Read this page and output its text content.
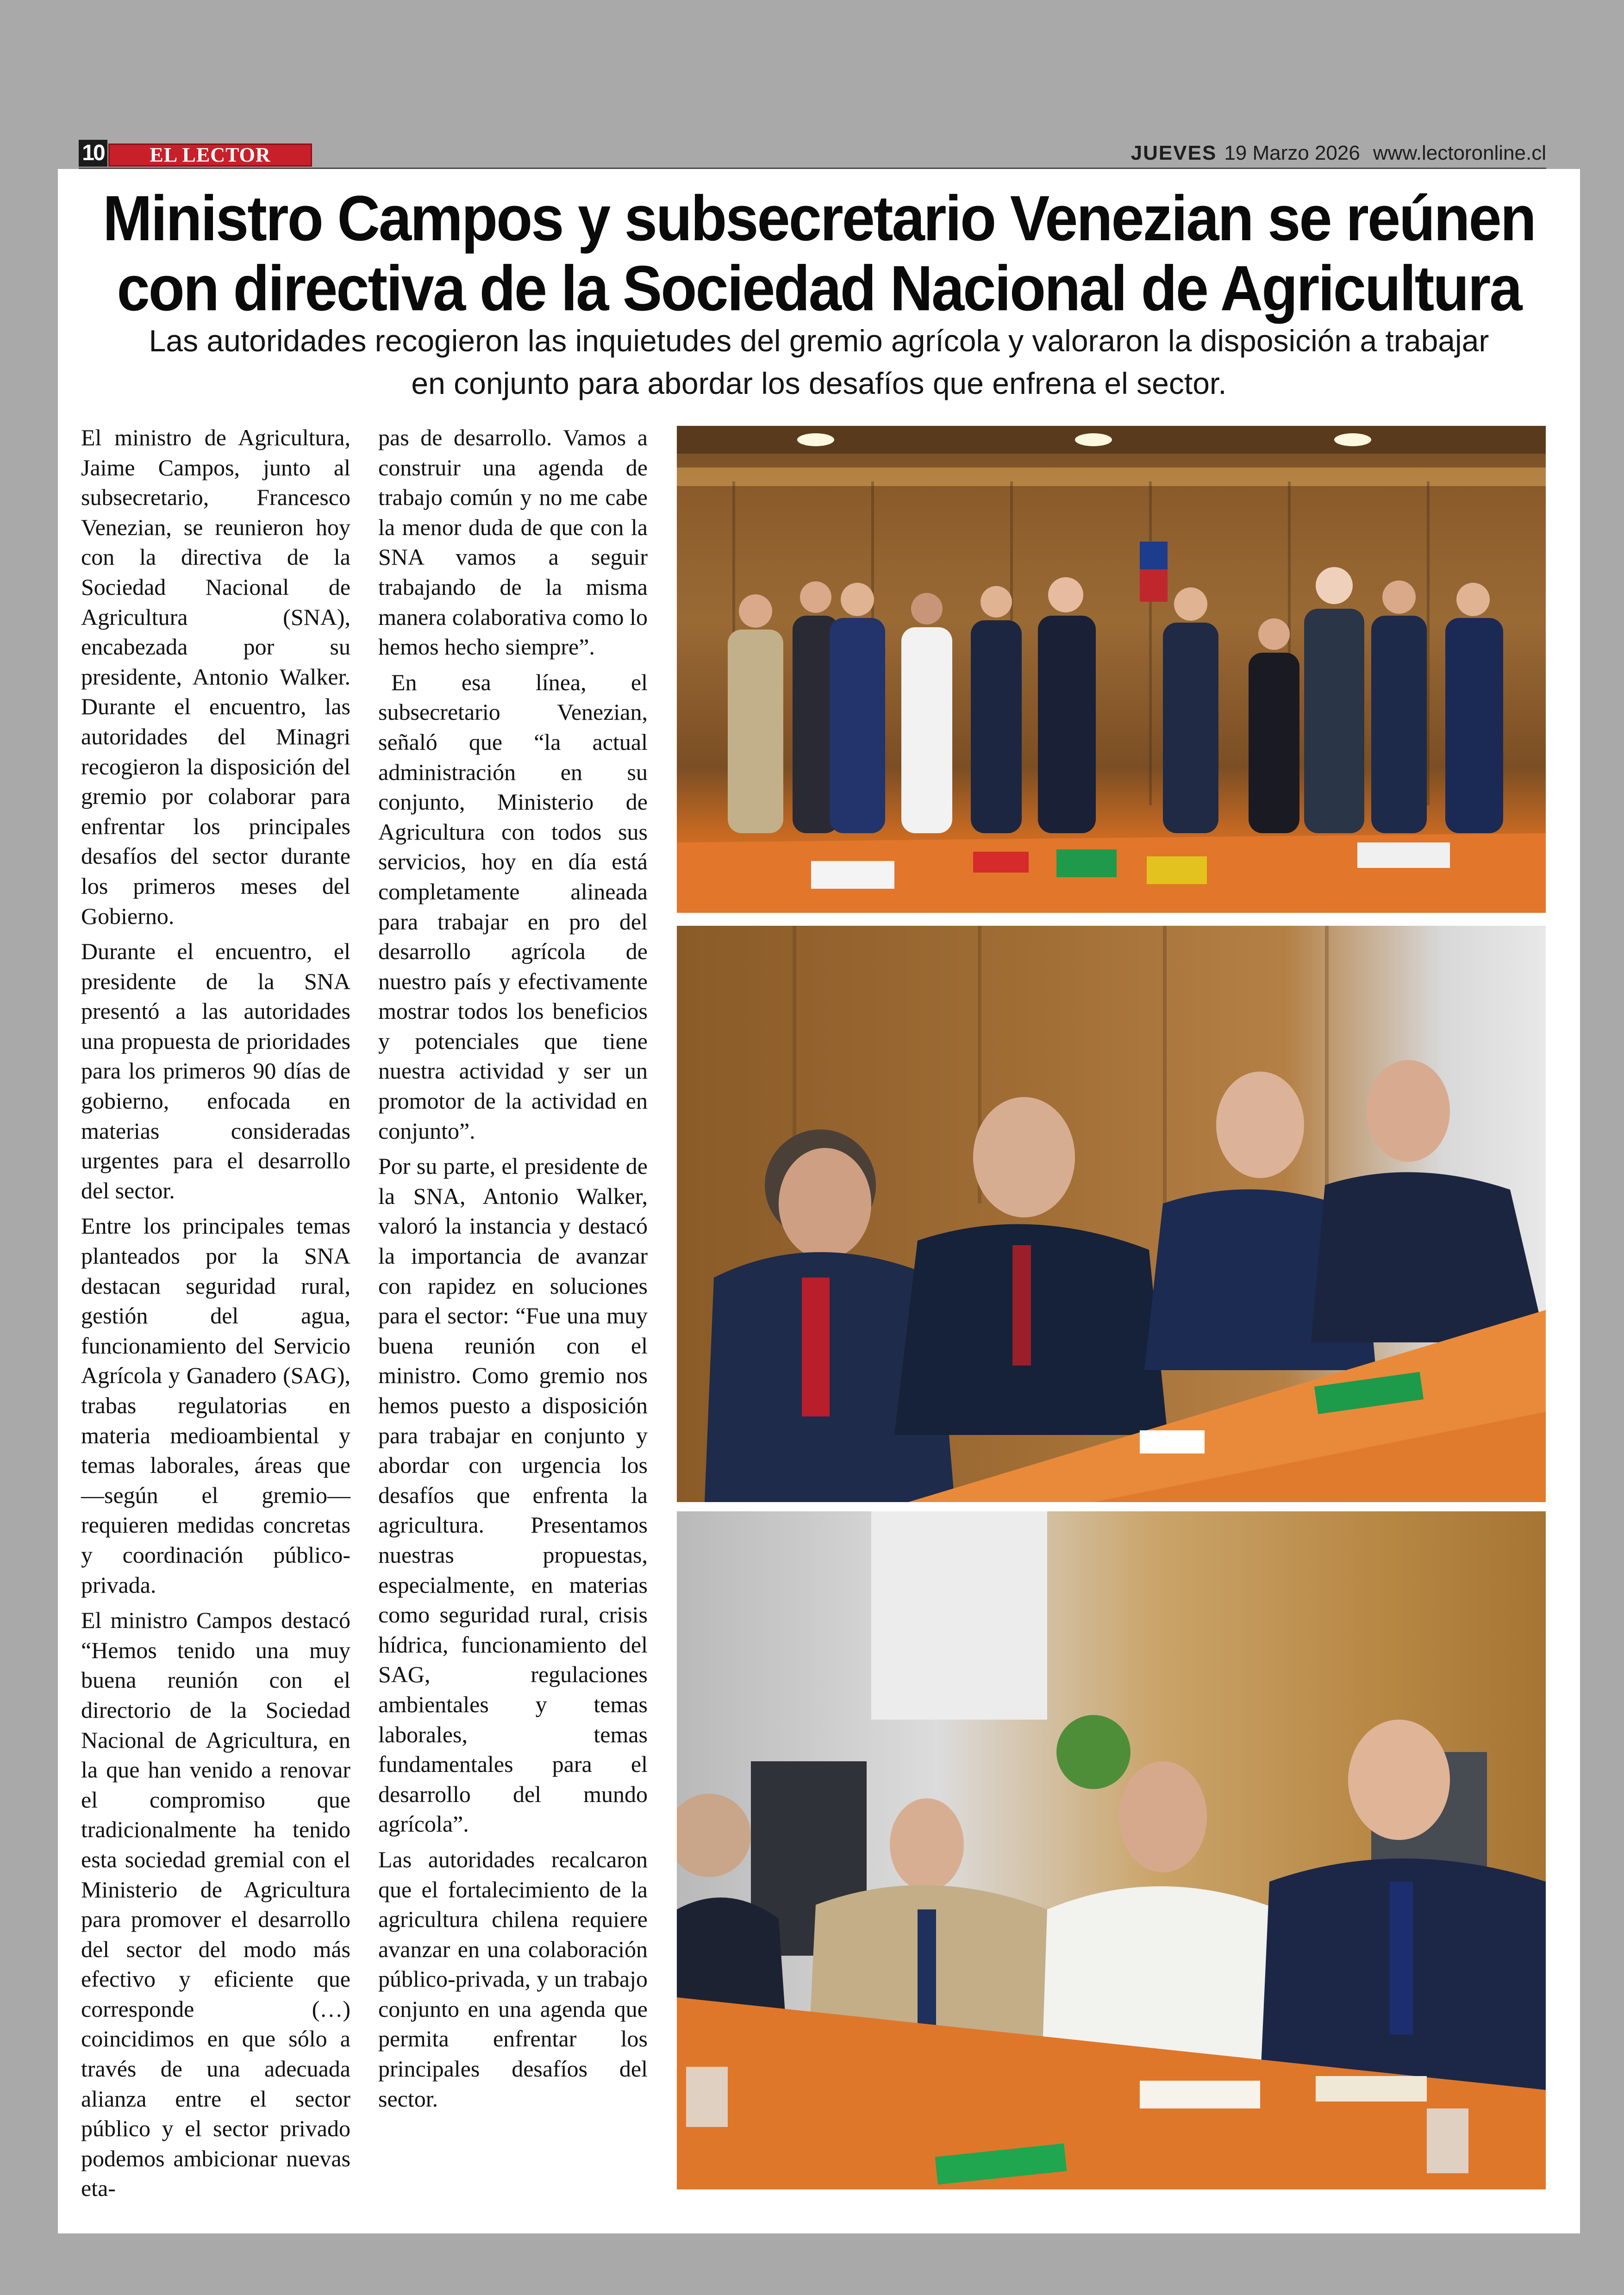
10	EL LECTOR	JUEVES 19 Marzo 2026 www.lectoronline.cl
Ministro Campos y subsecretario Venezian se reúnen con directiva de la Sociedad Nacional de Agricultura
Las autoridades recogieron las inquietudes del gremio agrícola y valoraron la disposición a trabajar en conjunto para abordar los desafíos que enfrena el sector.

El ministro de Agricultura, Jaime Campos, junto al subsecretario, Francesco Venezian, se reunieron hoy con la directiva de la Sociedad Nacional de Agricultura (SNA), encabezada por su presidente, Antonio Walker. Durante el encuentro, las autoridades del Minagri recogieron la disposición del gremio por colaborar para enfrentar los principales desafíos del sector durante los primeros meses del Gobierno.

Durante el encuentro, el presidente de la SNA presentó a las autoridades una propuesta de prioridades para los primeros 90 días de gobierno, enfocada en materias consideradas urgentes para el desarrollo del sector.

Entre los principales temas planteados por la SNA destacan seguridad rural, gestión del agua, funcionamiento del Servicio Agrícola y Ganadero (SAG), trabas regulatorias en materia medioambiental y temas laborales, áreas que —según el gremio— requieren medidas concretas y coordinación público-privada.

El ministro Campos destacó “Hemos tenido una muy buena reunión con el directorio de la Sociedad Nacional de Agricultura, en la que han venido a renovar el compromiso que tradicionalmente ha tenido esta sociedad gremial con el Ministerio de Agricultura para promover el desarrollo del sector del modo más efectivo y eficiente que corresponde (…) coincidimos en que sólo a través de una adecuada alianza entre el sector público y el sector privado podemos ambicionar nuevas eta-

pas de desarrollo. Vamos a construir una agenda de trabajo común y no me cabe la menor duda de que con la SNA vamos a seguir trabajando de la misma manera colaborativa como lo hemos hecho siempre”.

En esa línea, el subsecretario Venezian, señaló que “la actual administración en su conjunto, Ministerio de Agricultura con todos sus servicios, hoy en día está completamente alineada para trabajar en pro del desarrollo agrícola de nuestro país y efectivamente mostrar todos los beneficios y potenciales que tiene nuestra actividad y ser un promotor de la actividad en conjunto”.

Por su parte, el presidente de la SNA, Antonio Walker, valoró la instancia y destacó la importancia de avanzar con rapidez en soluciones para el sector: “Fue una muy buena reunión con el ministro. Como gremio nos hemos puesto a disposición para trabajar en conjunto y abordar con urgencia los desafíos que enfrenta la agricultura. Presentamos nuestras propuestas, especialmente, en materias como seguridad rural, crisis hídrica, funcionamiento del SAG, regulaciones ambientales y temas laborales, temas fundamentales para el desarrollo del mundo agrícola”.

Las autoridades recalcaron que el fortalecimiento de la agricultura chilena requiere avanzar en una colaboración público-privada, y un trabajo conjunto en una agenda que permita enfrentar los principales desafíos del sector.
